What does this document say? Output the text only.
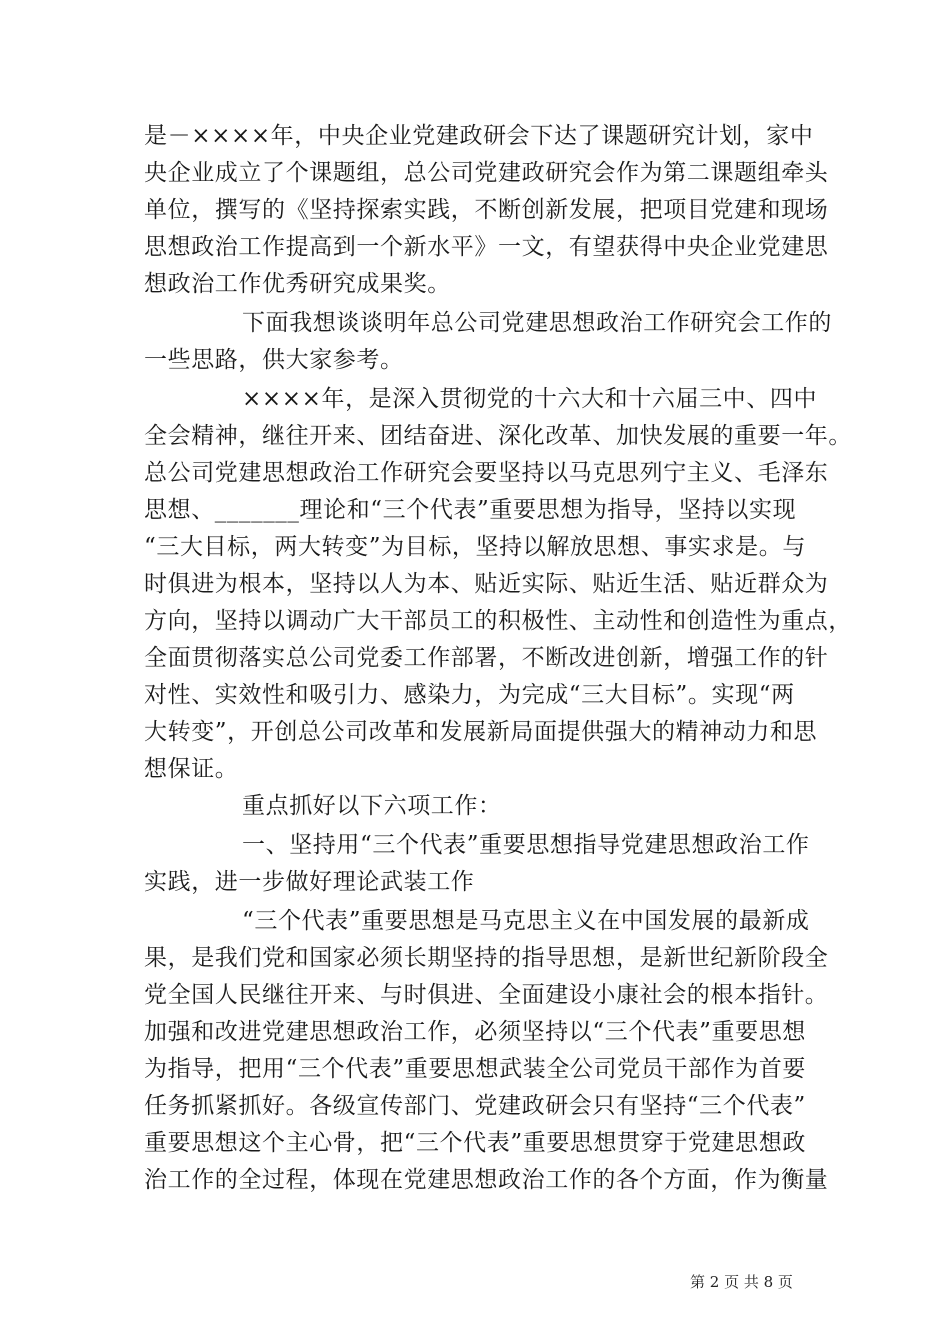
是－××××年，中央企业党建政研会下达了课题研究计划，家中
央企业成立了个课题组，总公司党建政研究会作为第二课题组牵头
单位，撰写的《坚持探索实践，不断创新发展，把项目党建和现场
思想政治工作提高到一个新水平》一文，有望获得中央企业党建思
想政治工作优秀研究成果奖。
下面我想谈谈明年总公司党建思想政治工作研究会工作的
一些思路，供大家参考。
××××年，是深入贯彻党的十六大和十六届三中、四中
全会精神，继往开来、团结奋进、深化改革、加快发展的重要一年。
总公司党建思想政治工作研究会要坚持以马克思列宁主义、毛泽东
思想、_______理论和“三个代表”重要思想为指导，坚持以实现
“三大目标，两大转变”为目标，坚持以解放思想、事实求是。与
时俱进为根本，坚持以人为本、贴近实际、贴近生活、贴近群众为
方向，坚持以调动广大干部员工的积极性、主动性和创造性为重点，
全面贯彻落实总公司党委工作部署，不断改进创新，增强工作的针
对性、实效性和吸引力、感染力，为完成“三大目标”。实现“两
大转变”，开创总公司改革和发展新局面提供强大的精神动力和思
想保证。
重点抓好以下六项工作：
一、坚持用“三个代表”重要思想指导党建思想政治工作
实践，进一步做好理论武装工作
“三个代表”重要思想是马克思主义在中国发展的最新成
果，是我们党和国家必须长期坚持的指导思想，是新世纪新阶段全
党全国人民继往开来、与时俱进、全面建设小康社会的根本指针。
加强和改进党建思想政治工作，必须坚持以“三个代表”重要思想
为指导，把用“三个代表”重要思想武装全公司党员干部作为首要
任务抓紧抓好。各级宣传部门、党建政研会只有坚持“三个代表”
重要思想这个主心骨，把“三个代表”重要思想贯穿于党建思想政
治工作的全过程，体现在党建思想政治工作的各个方面，作为衡量
第 2 页 共 8 页
